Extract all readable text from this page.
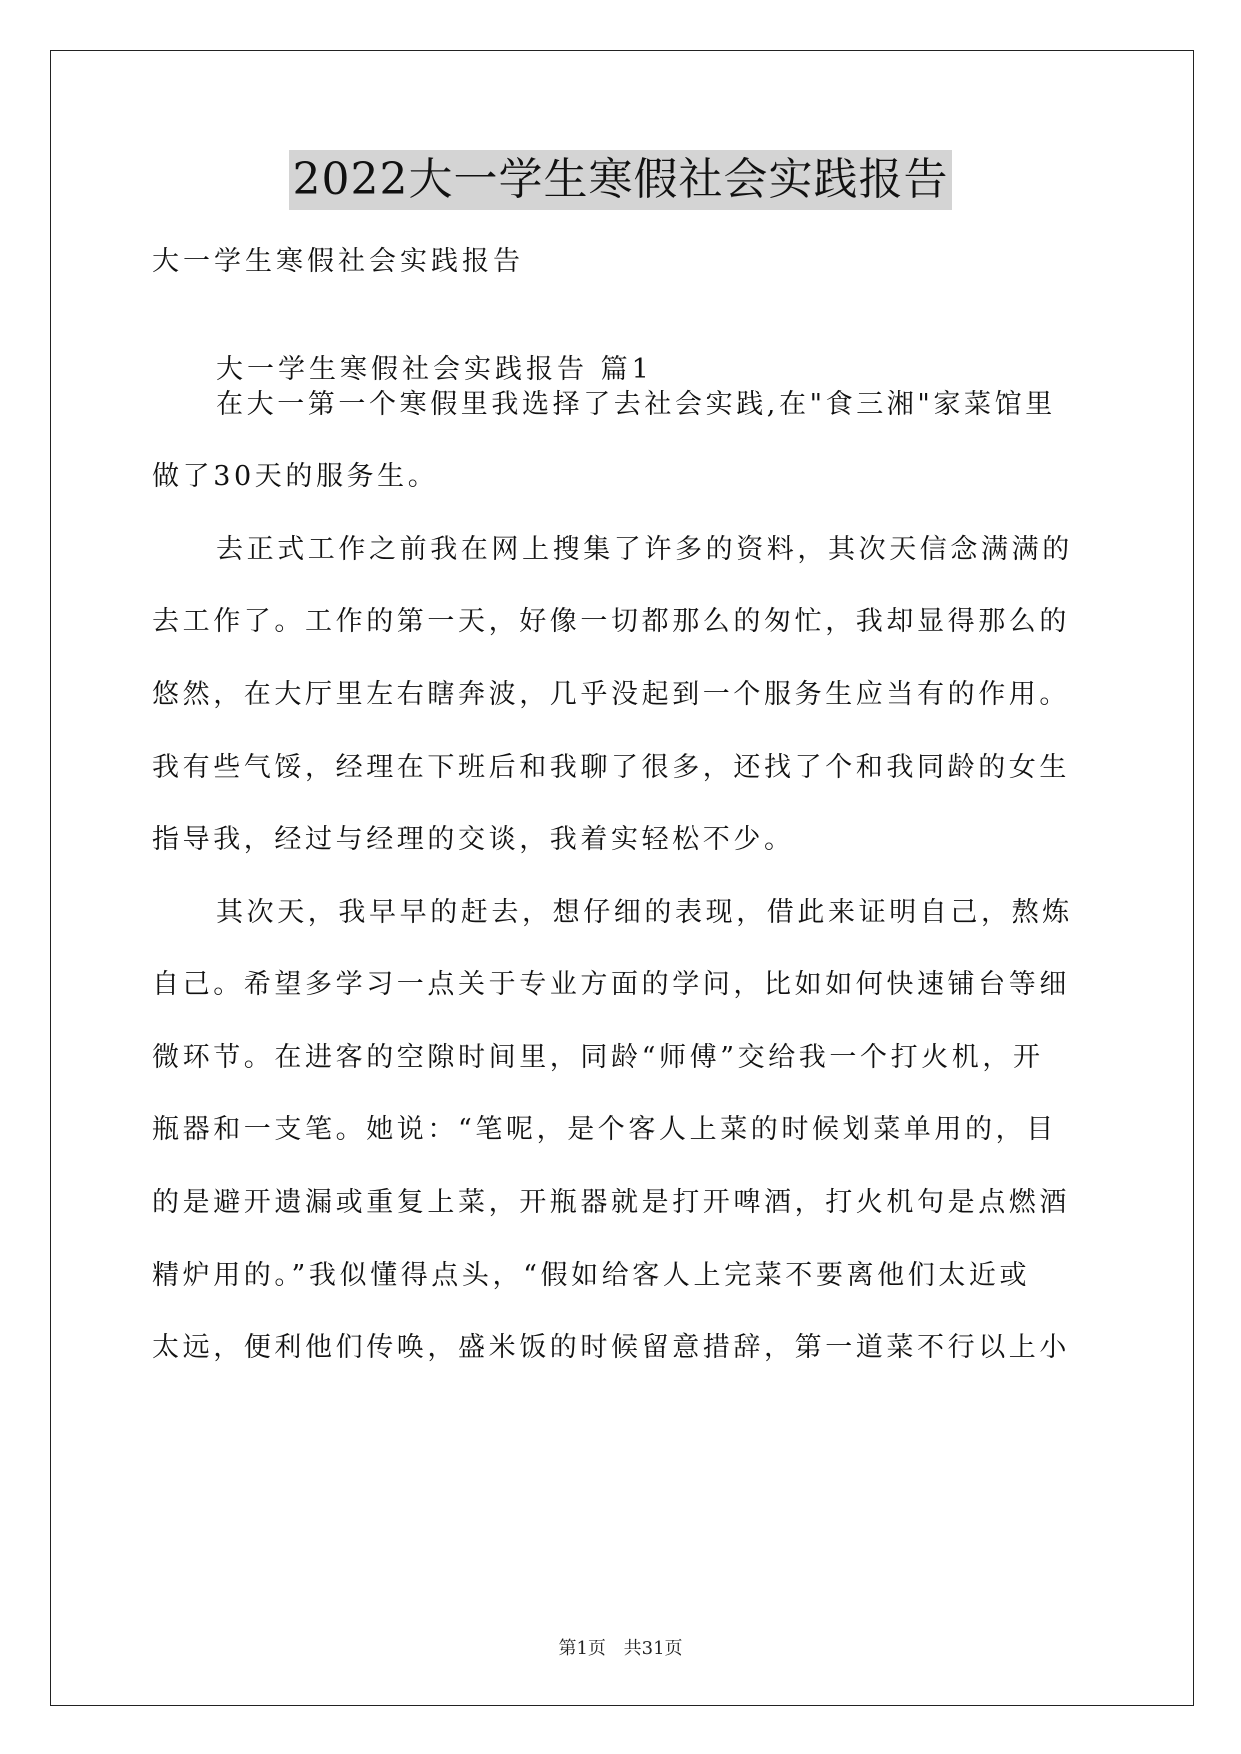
2022大一学生寒假社会实践报告
大一学生寒假社会实践报告
大一学生寒假社会实践报告 篇1
在大一第一个寒假里我选择了去社会实践,在"食三湘"家菜馆里
做了30天的服务生。
去正式工作之前我在网上搜集了许多的资料，其次天信念满满的
去工作了。工作的第一天，好像一切都那么的匆忙，我却显得那么的
悠然，在大厅里左右瞎奔波，几乎没起到一个服务生应当有的作用。
我有些气馁，经理在下班后和我聊了很多，还找了个和我同龄的女生
指导我，经过与经理的交谈，我着实轻松不少。
其次天，我早早的赶去，想仔细的表现，借此来证明自己，熬炼
自己。希望多学习一点关于专业方面的学问，比如如何快速铺台等细
微环节。在进客的空隙时间里，同龄“师傅”交给我一个打火机，开
瓶器和一支笔。她说：“笔呢，是个客人上菜的时候划菜单用的，目
的是避开遗漏或重复上菜，开瓶器就是打开啤酒，打火机句是点燃酒
精炉用的。”我似懂得点头，“假如给客人上完菜不要离他们太近或
太远，便利他们传唤，盛米饭的时候留意措辞，第一道菜不行以上小
第1页 共31页
